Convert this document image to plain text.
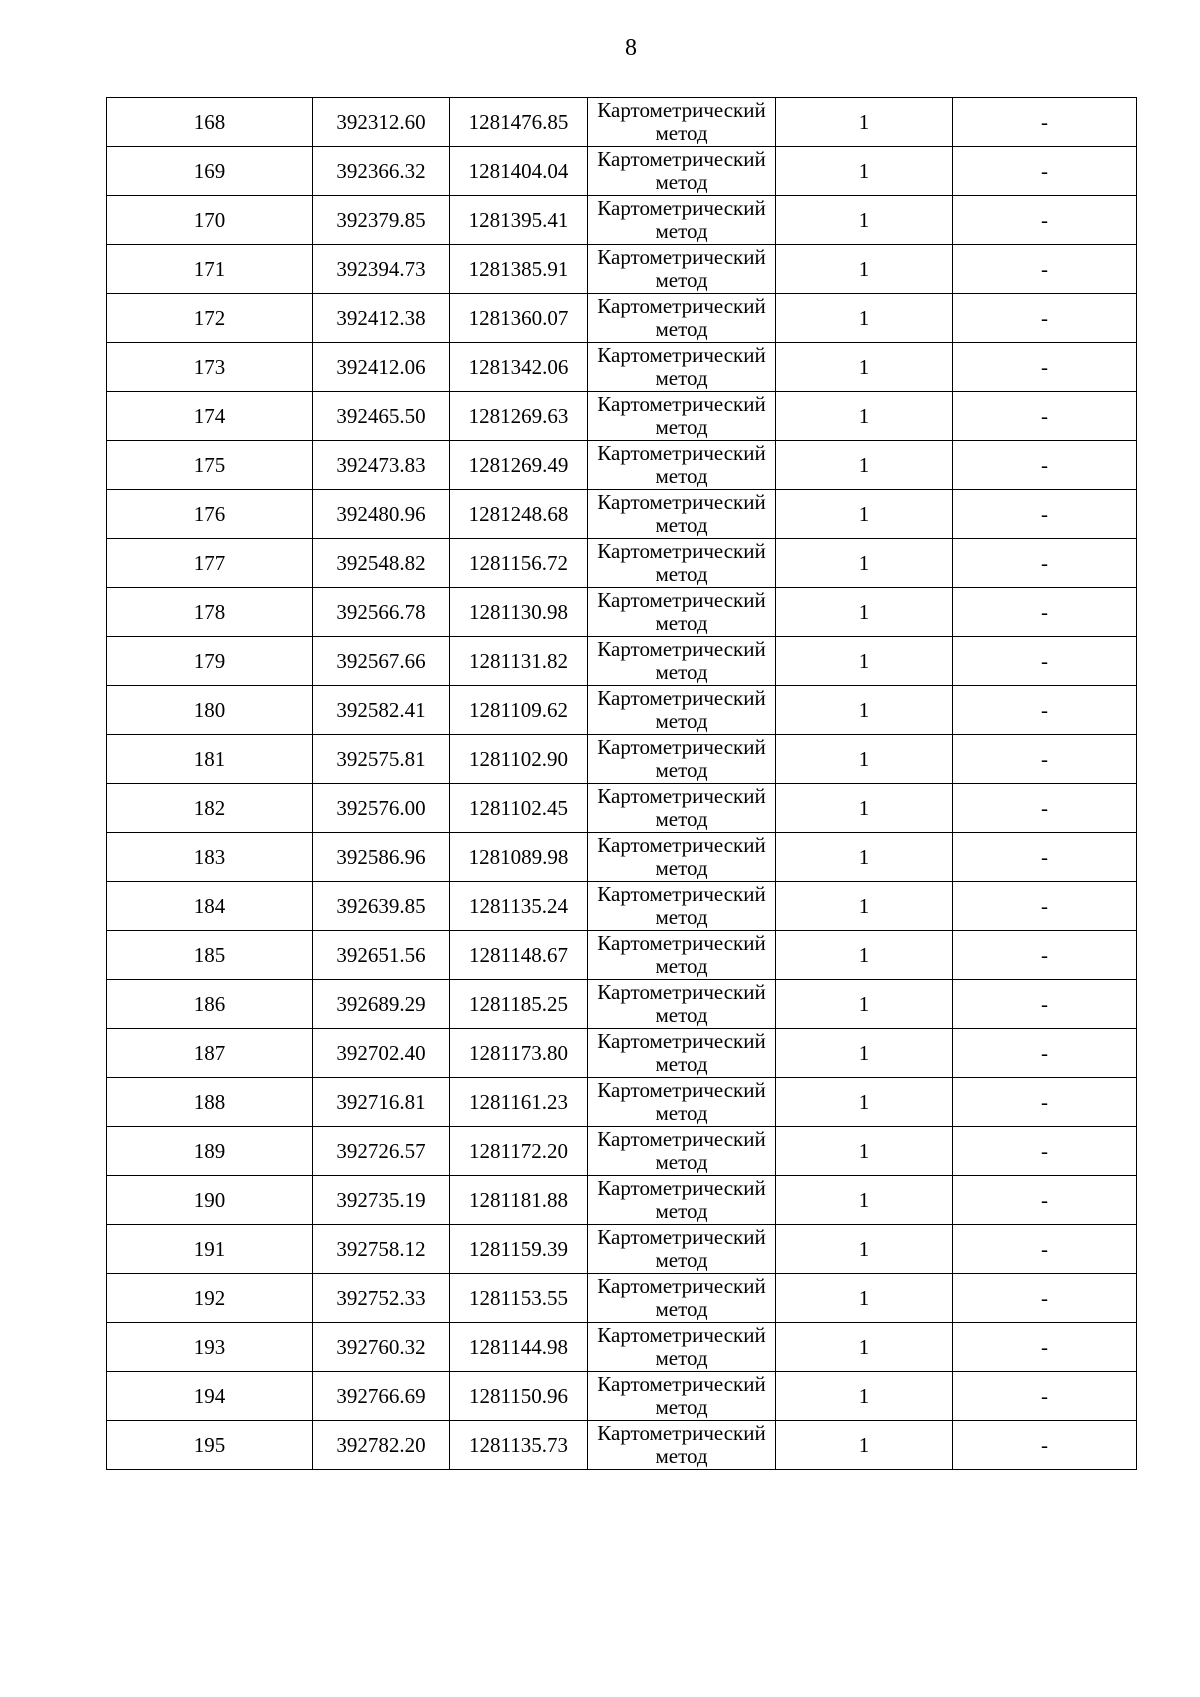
8
168	392312.60	1281476.85	Картометрический
метод	1	-
169	392366.32	1281404.04	Картометрический
метод	1	-
170	392379.85	1281395.41	Картометрический
метод	1	-
171	392394.73	1281385.91	Картометрический
метод	1	-
172	392412.38	1281360.07	Картометрический
метод	1	-
173	392412.06	1281342.06	Картометрический
метод	1	-
174	392465.50	1281269.63	Картометрический
метод	1	-
175	392473.83	1281269.49	Картометрический
метод	1	-
176	392480.96	1281248.68	Картометрический
метод	1	-
177	392548.82	1281156.72	Картометрический
метод	1	-
178	392566.78	1281130.98	Картометрический
метод	1	-
179	392567.66	1281131.82	Картометрический
метод	1	-
180	392582.41	1281109.62	Картометрический
метод	1	-
181	392575.81	1281102.90	Картометрический
метод	1	-
182	392576.00	1281102.45	Картометрический
метод	1	-
183	392586.96	1281089.98	Картометрический
метод	1	-
184	392639.85	1281135.24	Картометрический
метод	1	-
185	392651.56	1281148.67	Картометрический
метод	1	-
186	392689.29	1281185.25	Картометрический
метод	1	-
187	392702.40	1281173.80	Картометрический
метод	1	-
188	392716.81	1281161.23	Картометрический
метод	1	-
189	392726.57	1281172.20	Картометрический
метод	1	-
190	392735.19	1281181.88	Картометрический
метод	1	-
191	392758.12	1281159.39	Картометрический
метод	1	-
192	392752.33	1281153.55	Картометрический
метод	1	-
193	392760.32	1281144.98	Картометрический
метод	1	-
194	392766.69	1281150.96	Картометрический
метод	1	-
195	392782.20	1281135.73	Картометрический
метод	1	-
